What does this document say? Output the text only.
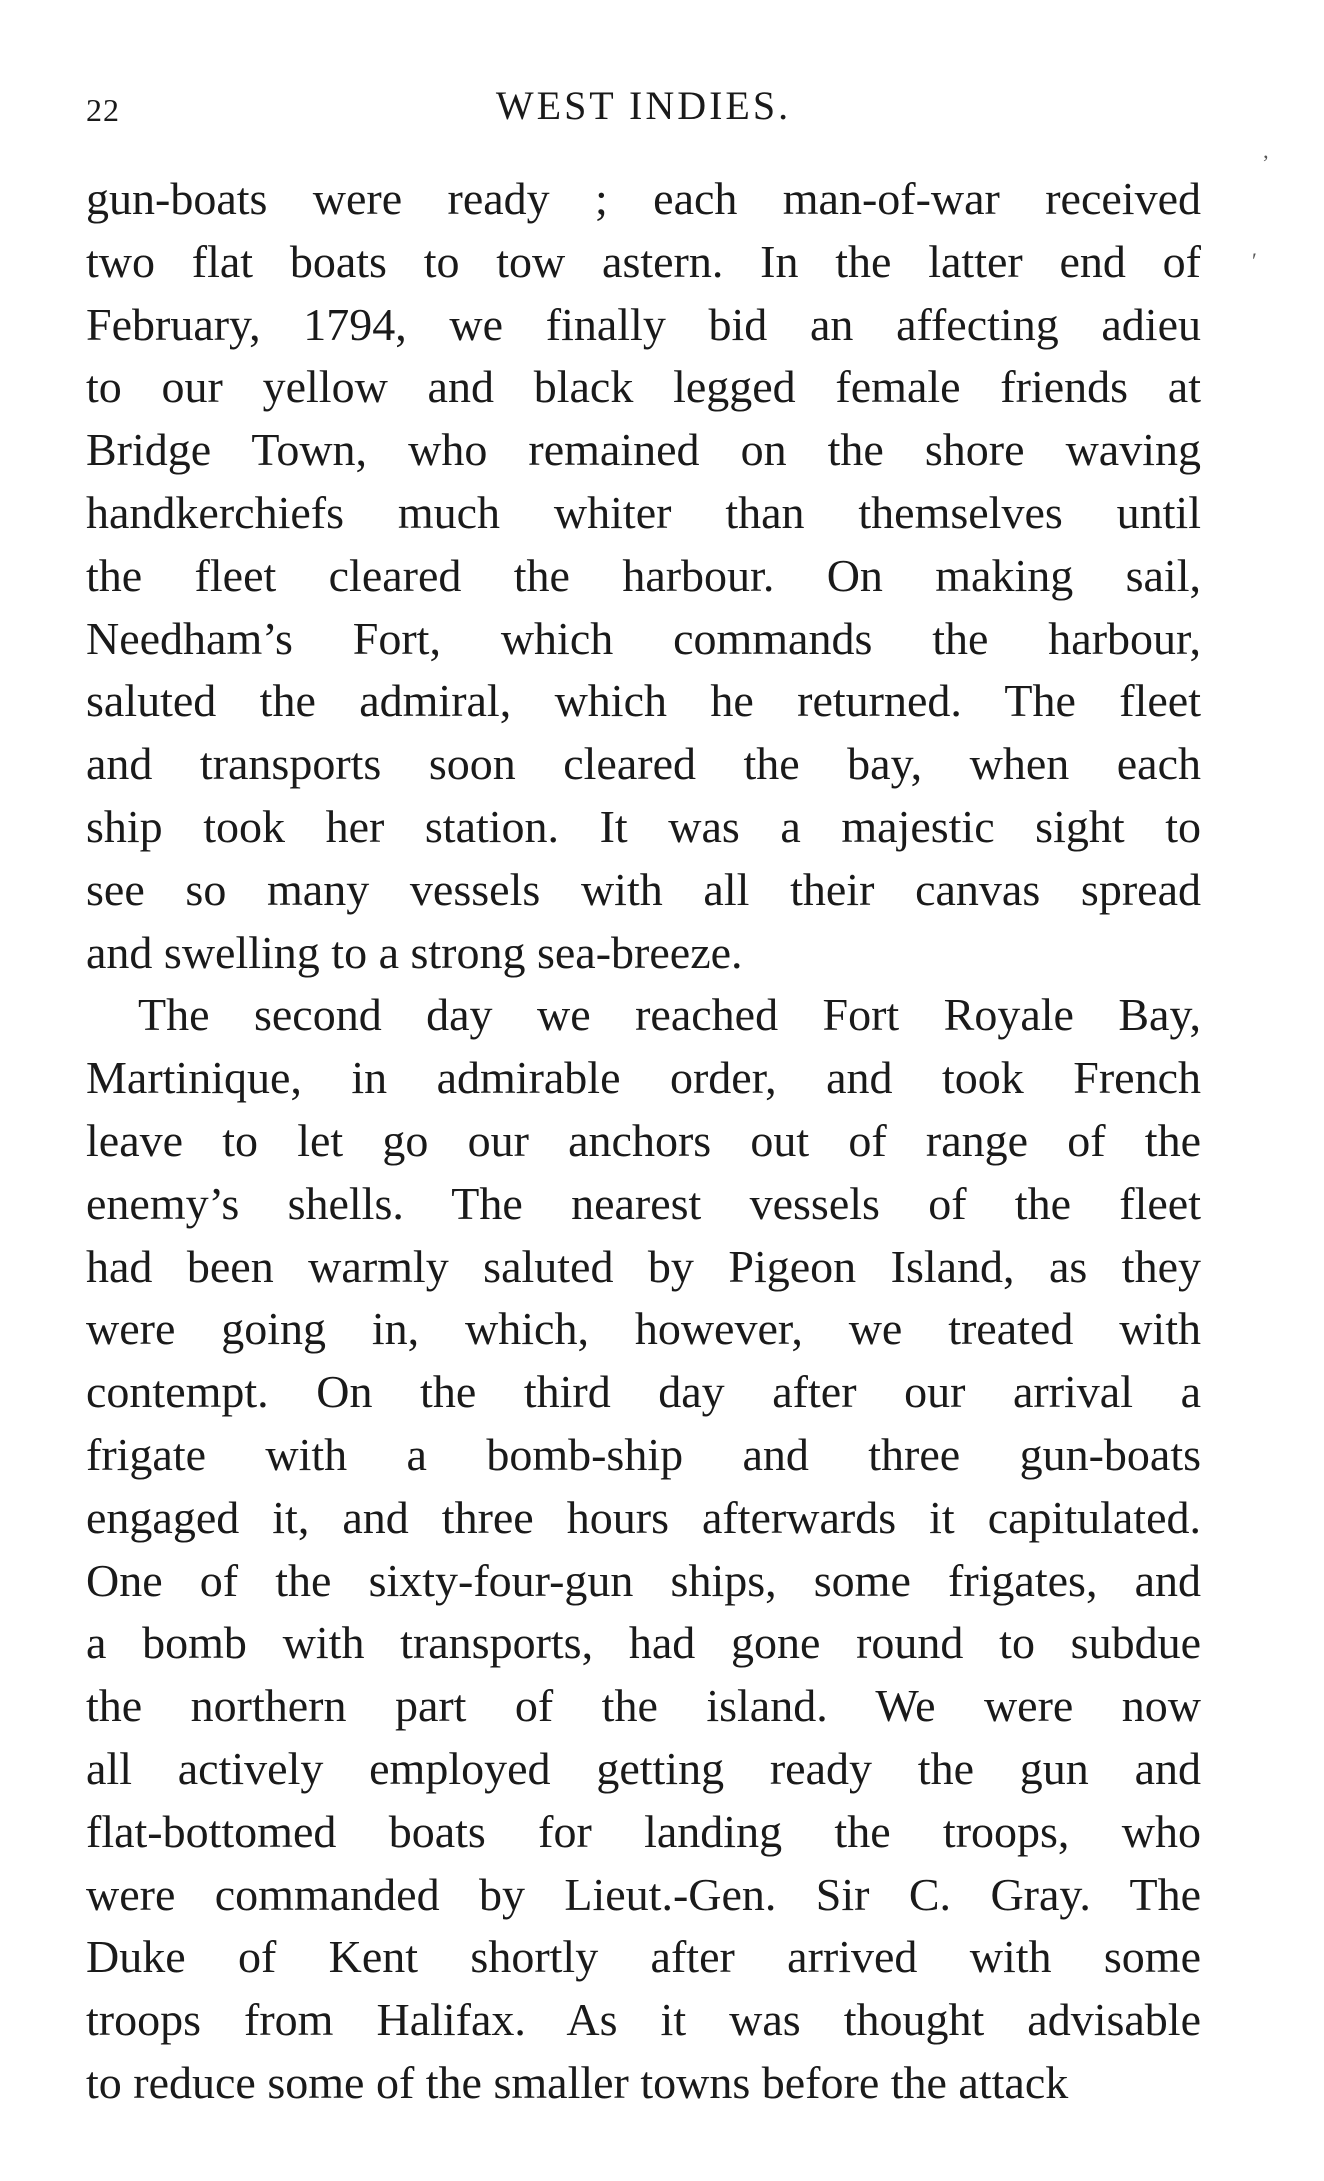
22	WEST INDIES.
’
′
gun-boats were ready ; each man-of-war received
two flat boats to tow astern. In the latter end of
February, 1794, we finally bid an affecting adieu
to our yellow and black legged female friends at
Bridge Town, who remained on the shore waving
handkerchiefs much whiter than themselves until
the fleet cleared the harbour. On making sail,
Needham’s Fort, which commands the harbour,
saluted the admiral, which he returned. The fleet
and transports soon cleared the bay, when each
ship took her station. It was a majestic sight to
see so many vessels with all their canvas spread
and swelling to a strong sea-breeze.
The second day we reached Fort Royale Bay,
Martinique, in admirable order, and took French
leave to let go our anchors out of range of the
enemy’s shells. The nearest vessels of the fleet
had been warmly saluted by Pigeon Island, as they
were going in, which, however, we treated with
contempt. On the third day after our arrival a
frigate with a bomb-ship and three gun-boats
engaged it, and three hours afterwards it capitulated.
One of the sixty-four-gun ships, some frigates, and
a bomb with transports, had gone round to subdue
the northern part of the island. We were now
all actively employed getting ready the gun and
flat-bottomed boats for landing the troops, who
were commanded by Lieut.-Gen. Sir C. Gray. The
Duke of Kent shortly after arrived with some
troops from Halifax. As it was thought advisable
to reduce some of the smaller towns before the attack
